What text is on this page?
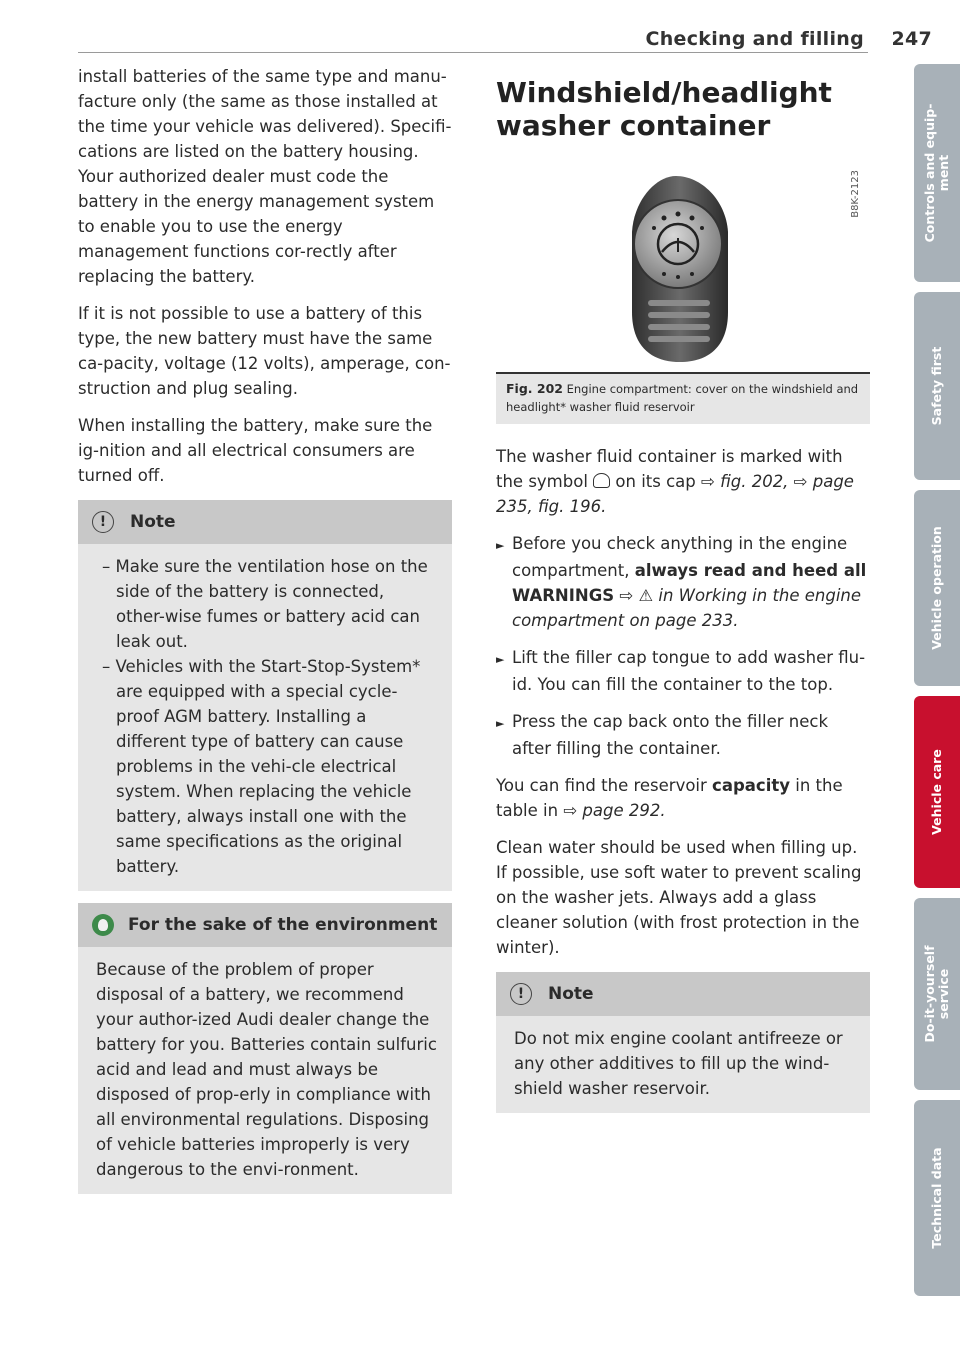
Checking and filling 247

install batteries of the same type and manu-facture only (the same as those installed at the time your vehicle was delivered). Specifi-cations are listed on the battery housing. Your authorized dealer must code the battery in the energy management system to enable you to use the energy management functions cor-rectly after replacing the battery.

If it is not possible to use a battery of this type, the new battery must have the same ca-pacity, voltage (12 volts), amperage, con-struction and plug sealing.

When installing the battery, make sure the ig-nition and all electrical consumers are turned off.

!	Note

– Make sure the ventilation hose on the side of the battery is connected, other-wise fumes or battery acid can leak out.

– Vehicles with the Start-Stop-System* are equipped with a special cycle-proof AGM battery. Installing a different type of battery can cause problems in the vehi-cle electrical system. When replacing the vehicle battery, always install one with the same specifications as the original battery.

For the sake of the environment

Because of the problem of proper disposal of a battery, we recommend your author-ized Audi dealer change the battery for you. Batteries contain sulfuric acid and lead and must always be disposed of prop-erly in compliance with all environmental regulations. Disposing of vehicle batteries improperly is very dangerous to the envi-ronment.

Windshield/headlight washer container
B8K-2123
Fig. 202 Engine compartment: cover on the windshield and headlight* washer fluid reservoir

The washer fluid container is marked with the symbol  on its cap ⇨ fig. 202, ⇨ page 235, fig. 196.

► Before you check anything in the engine compartment, always read and heed all WARNINGS ⇨ ⚠ in Working in the engine compartment on page 233.

► Lift the filler cap tongue to add washer flu-id. You can fill the container to the top.

► Press the cap back onto the filler neck after filling the container.

You can find the reservoir capacity in the table in ⇨ page 292.

Clean water should be used when filling up. If possible, use soft water to prevent scaling on the washer jets. Always add a glass cleaner solution (with frost protection in the winter).

!	Note

Do not mix engine coolant antifreeze or any other additives to fill up the wind-shield washer reservoir.

Controls and equip-
ment
Safety first
Vehicle operation
Vehicle care
Do-it-yourself
service
Technical data
